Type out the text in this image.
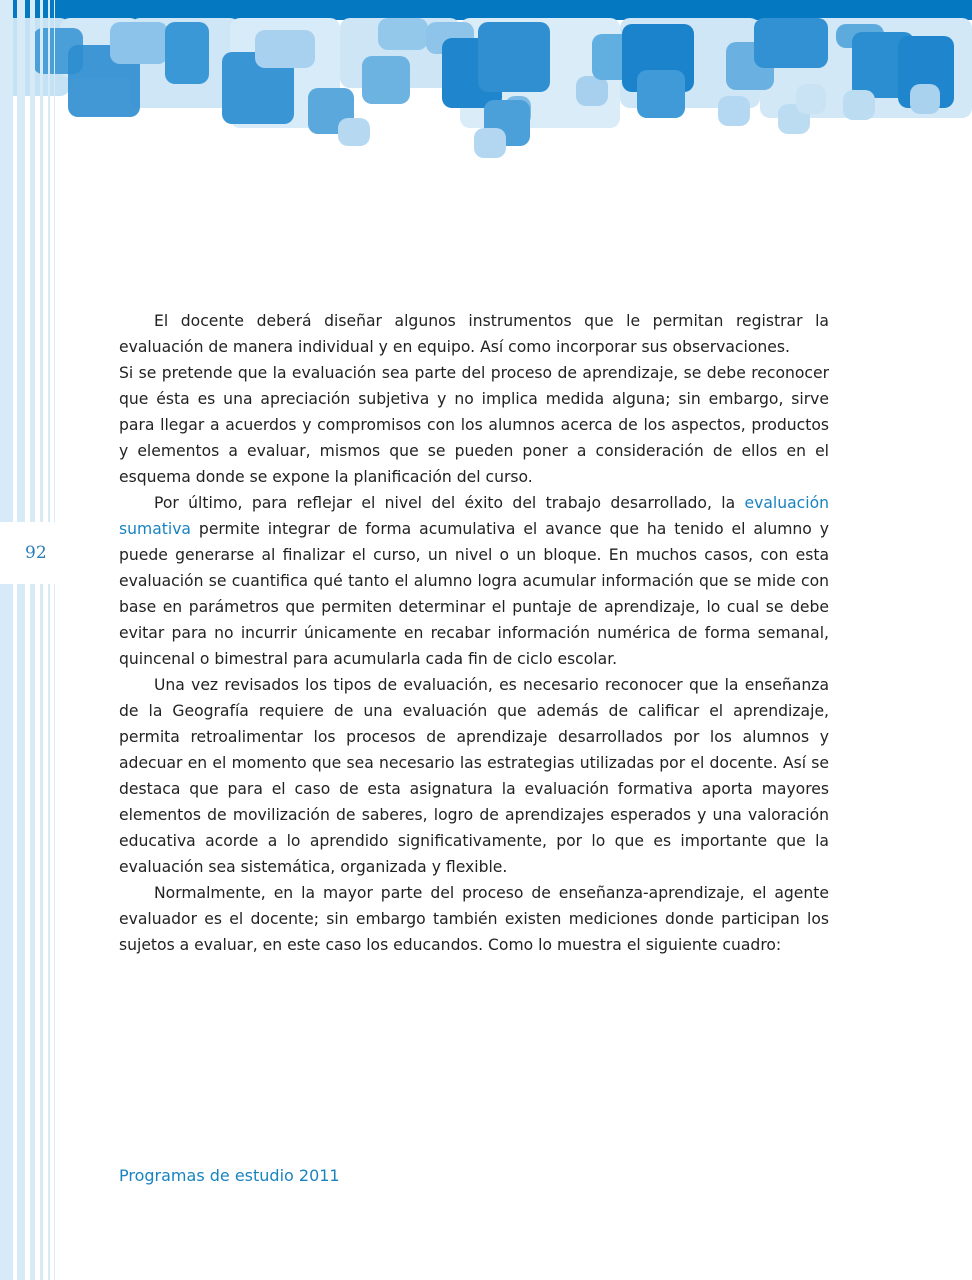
92

El docente deberá diseñar algunos instrumentos que le permitan registrar la evaluación de manera individual y en equipo. Así como incorporar sus observaciones.

Si se pretende que la evaluación sea parte del proceso de aprendizaje, se debe reconocer que ésta es una apreciación subjetiva y no implica medida alguna; sin embargo, sirve para llegar a acuerdos y compromisos con los alumnos acerca de los aspectos, productos y elementos a evaluar, mismos que se pueden poner a consideración de ellos en el esquema donde se expone la planificación del curso.

Por último, para reflejar el nivel del éxito del trabajo desarrollado, la evaluación sumativa permite integrar de forma acumulativa el avance que ha tenido el alumno y puede generarse al finalizar el curso, un nivel o un bloque. En muchos casos, con esta evaluación se cuantifica qué tanto el alumno logra acumular información que se mide con base en parámetros que permiten determinar el puntaje de aprendizaje, lo cual se debe evitar para no incurrir únicamente en recabar información numérica de forma semanal, quincenal o bimestral para acumularla cada fin de ciclo escolar.

Una vez revisados los tipos de evaluación, es necesario reconocer que la enseñanza de la Geografía requiere de una evaluación que además de calificar el aprendizaje, permita retroalimentar los procesos de aprendizaje desarrollados por los alumnos y adecuar en el momento que sea necesario las estrategias utilizadas por el docente. Así se destaca que para el caso de esta asignatura la evaluación formativa aporta mayores elementos de movilización de saberes, logro de aprendizajes esperados y una valoración educativa acorde a lo aprendido significativamente, por lo que es importante que la evaluación sea sistemática, organizada y flexible.

Normalmente, en la mayor parte del proceso de enseñanza-aprendizaje, el agente evaluador es el docente; sin embargo también existen mediciones donde participan los sujetos a evaluar, en este caso los educandos. Como lo muestra el siguiente cuadro:

Programas de estudio 2011
